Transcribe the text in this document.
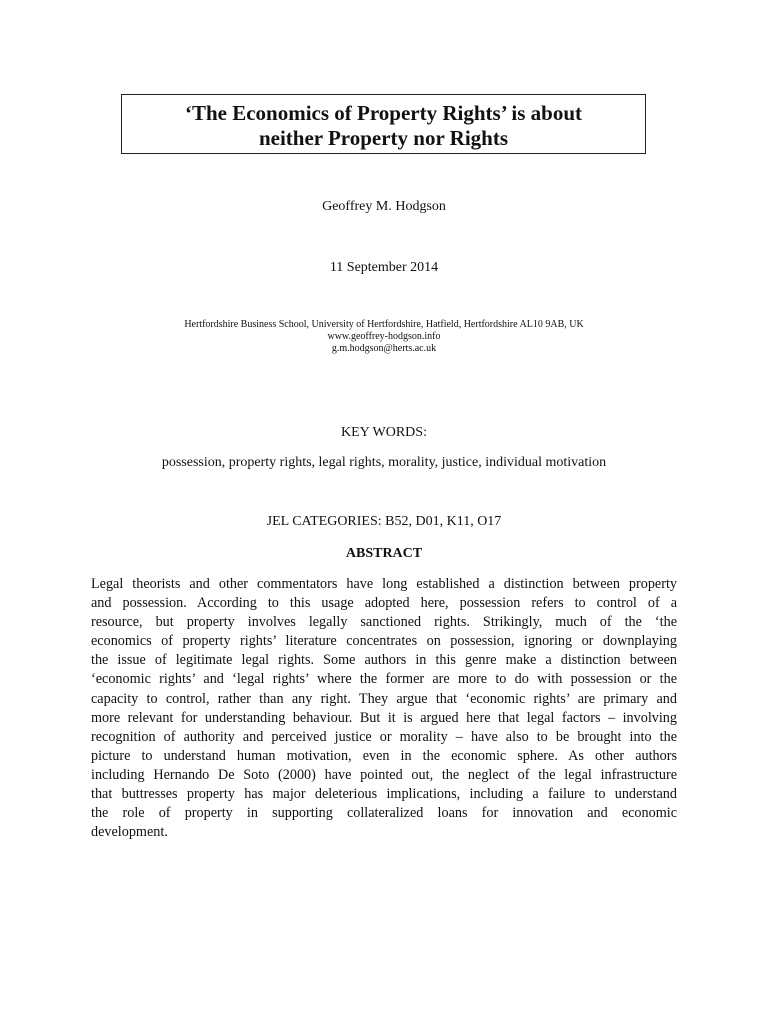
‘The Economics of Property Rights’ is about
neither Property nor Rights
Geoffrey M. Hodgson
11 September 2014
Hertfordshire Business School, University of Hertfordshire, Hatfield, Hertfordshire AL10 9AB, UK
www.geoffrey-hodgson.info
g.m.hodgson@herts.ac.uk
KEY WORDS:
possession, property rights, legal rights, morality, justice, individual motivation
JEL CATEGORIES: B52, D01, K11, O17
ABSTRACT
Legal theorists and other commentators have long established a distinction between property
and possession. According to this usage adopted here, possession refers to control of a
resource, but property involves legally sanctioned rights. Strikingly, much of the ‘the
economics of property rights’ literature concentrates on possession, ignoring or downplaying
the issue of legitimate legal rights. Some authors in this genre make a distinction between
‘economic rights’ and ‘legal rights’ where the former are more to do with possession or the
capacity to control, rather than any right. They argue that ‘economic rights’ are primary and
more relevant for understanding behaviour. But it is argued here that legal factors – involving
recognition of authority and perceived justice or morality – have also to be brought into the
picture to understand human motivation, even in the economic sphere. As other authors
including Hernando De Soto (2000) have pointed out, the neglect of the legal infrastructure
that buttresses property has major deleterious implications, including a failure to understand
the role of property in supporting collateralized loans for innovation and economic
development.
